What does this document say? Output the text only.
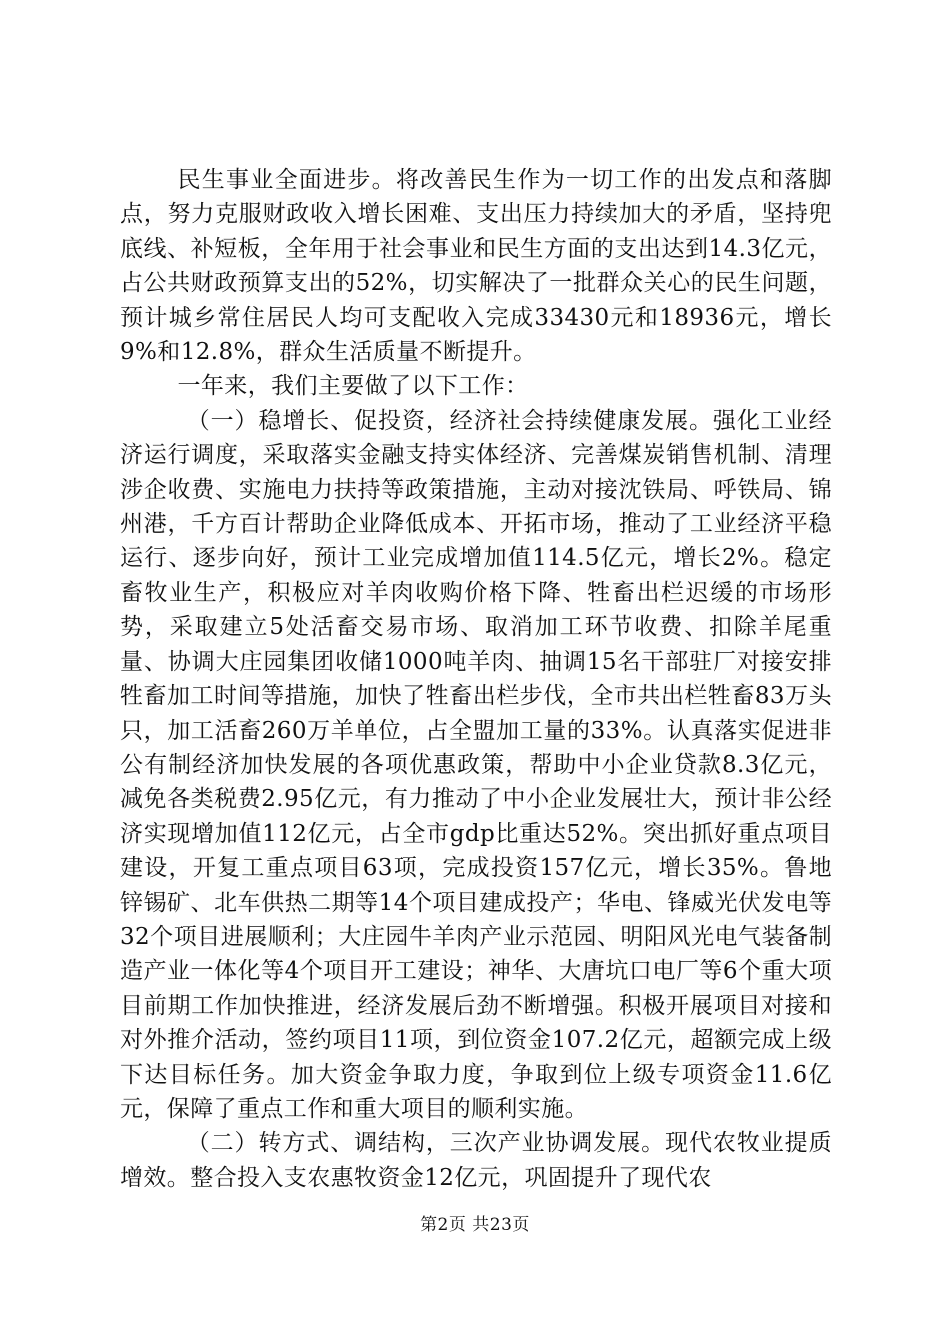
民生事业全面进步。将改善民生作为一切工作的出发点和落脚点，努力克服财政收入增长困难、支出压力持续加大的矛盾，坚持兜底线、补短板，全年用于社会事业和民生方面的支出达到14.3亿元，占公共财政预算支出的52%，切实解决了一批群众关心的民生问题，预计城乡常住居民人均可支配收入完成33430元和18936元，增长9%和12.8%，群众生活质量不断提升。

一年来，我们主要做了以下工作：

（一）稳增长、促投资，经济社会持续健康发展。强化工业经济运行调度，采取落实金融支持实体经济、完善煤炭销售机制、清理涉企收费、实施电力扶持等政策措施，主动对接沈铁局、呼铁局、锦州港，千方百计帮助企业降低成本、开拓市场，推动了工业经济平稳运行、逐步向好，预计工业完成增加值114.5亿元，增长2%。稳定畜牧业生产，积极应对羊肉收购价格下降、牲畜出栏迟缓的市场形势，采取建立5处活畜交易市场、取消加工环节收费、扣除羊尾重量、协调大庄园集团收储1000吨羊肉、抽调15名干部驻厂对接安排牲畜加工时间等措施，加快了牲畜出栏步伐，全市共出栏牲畜83万头只，加工活畜260万羊单位，占全盟加工量的33%。认真落实促进非公有制经济加快发展的各项优惠政策，帮助中小企业贷款8.3亿元，减免各类税费2.95亿元，有力推动了中小企业发展壮大，预计非公经济实现增加值112亿元，占全市gdp比重达52%。突出抓好重点项目建设，开复工重点项目63项，完成投资157亿元，增长35%。鲁地锌锡矿、北车供热二期等14个项目建成投产；华电、锋威光伏发电等32个项目进展顺利；大庄园牛羊肉产业示范园、明阳风光电气装备制造产业一体化等4个项目开工建设；神华、大唐坑口电厂等6个重大项目前期工作加快推进，经济发展后劲不断增强。积极开展项目对接和对外推介活动，签约项目11项，到位资金107.2亿元，超额完成上级下达目标任务。加大资金争取力度，争取到位上级专项资金11.6亿元，保障了重点工作和重大项目的顺利实施。

（二）转方式、调结构，三次产业协调发展。现代农牧业提质增效。整合投入支农惠牧资金12亿元，巩固提升了现代农

第2页 共23页
